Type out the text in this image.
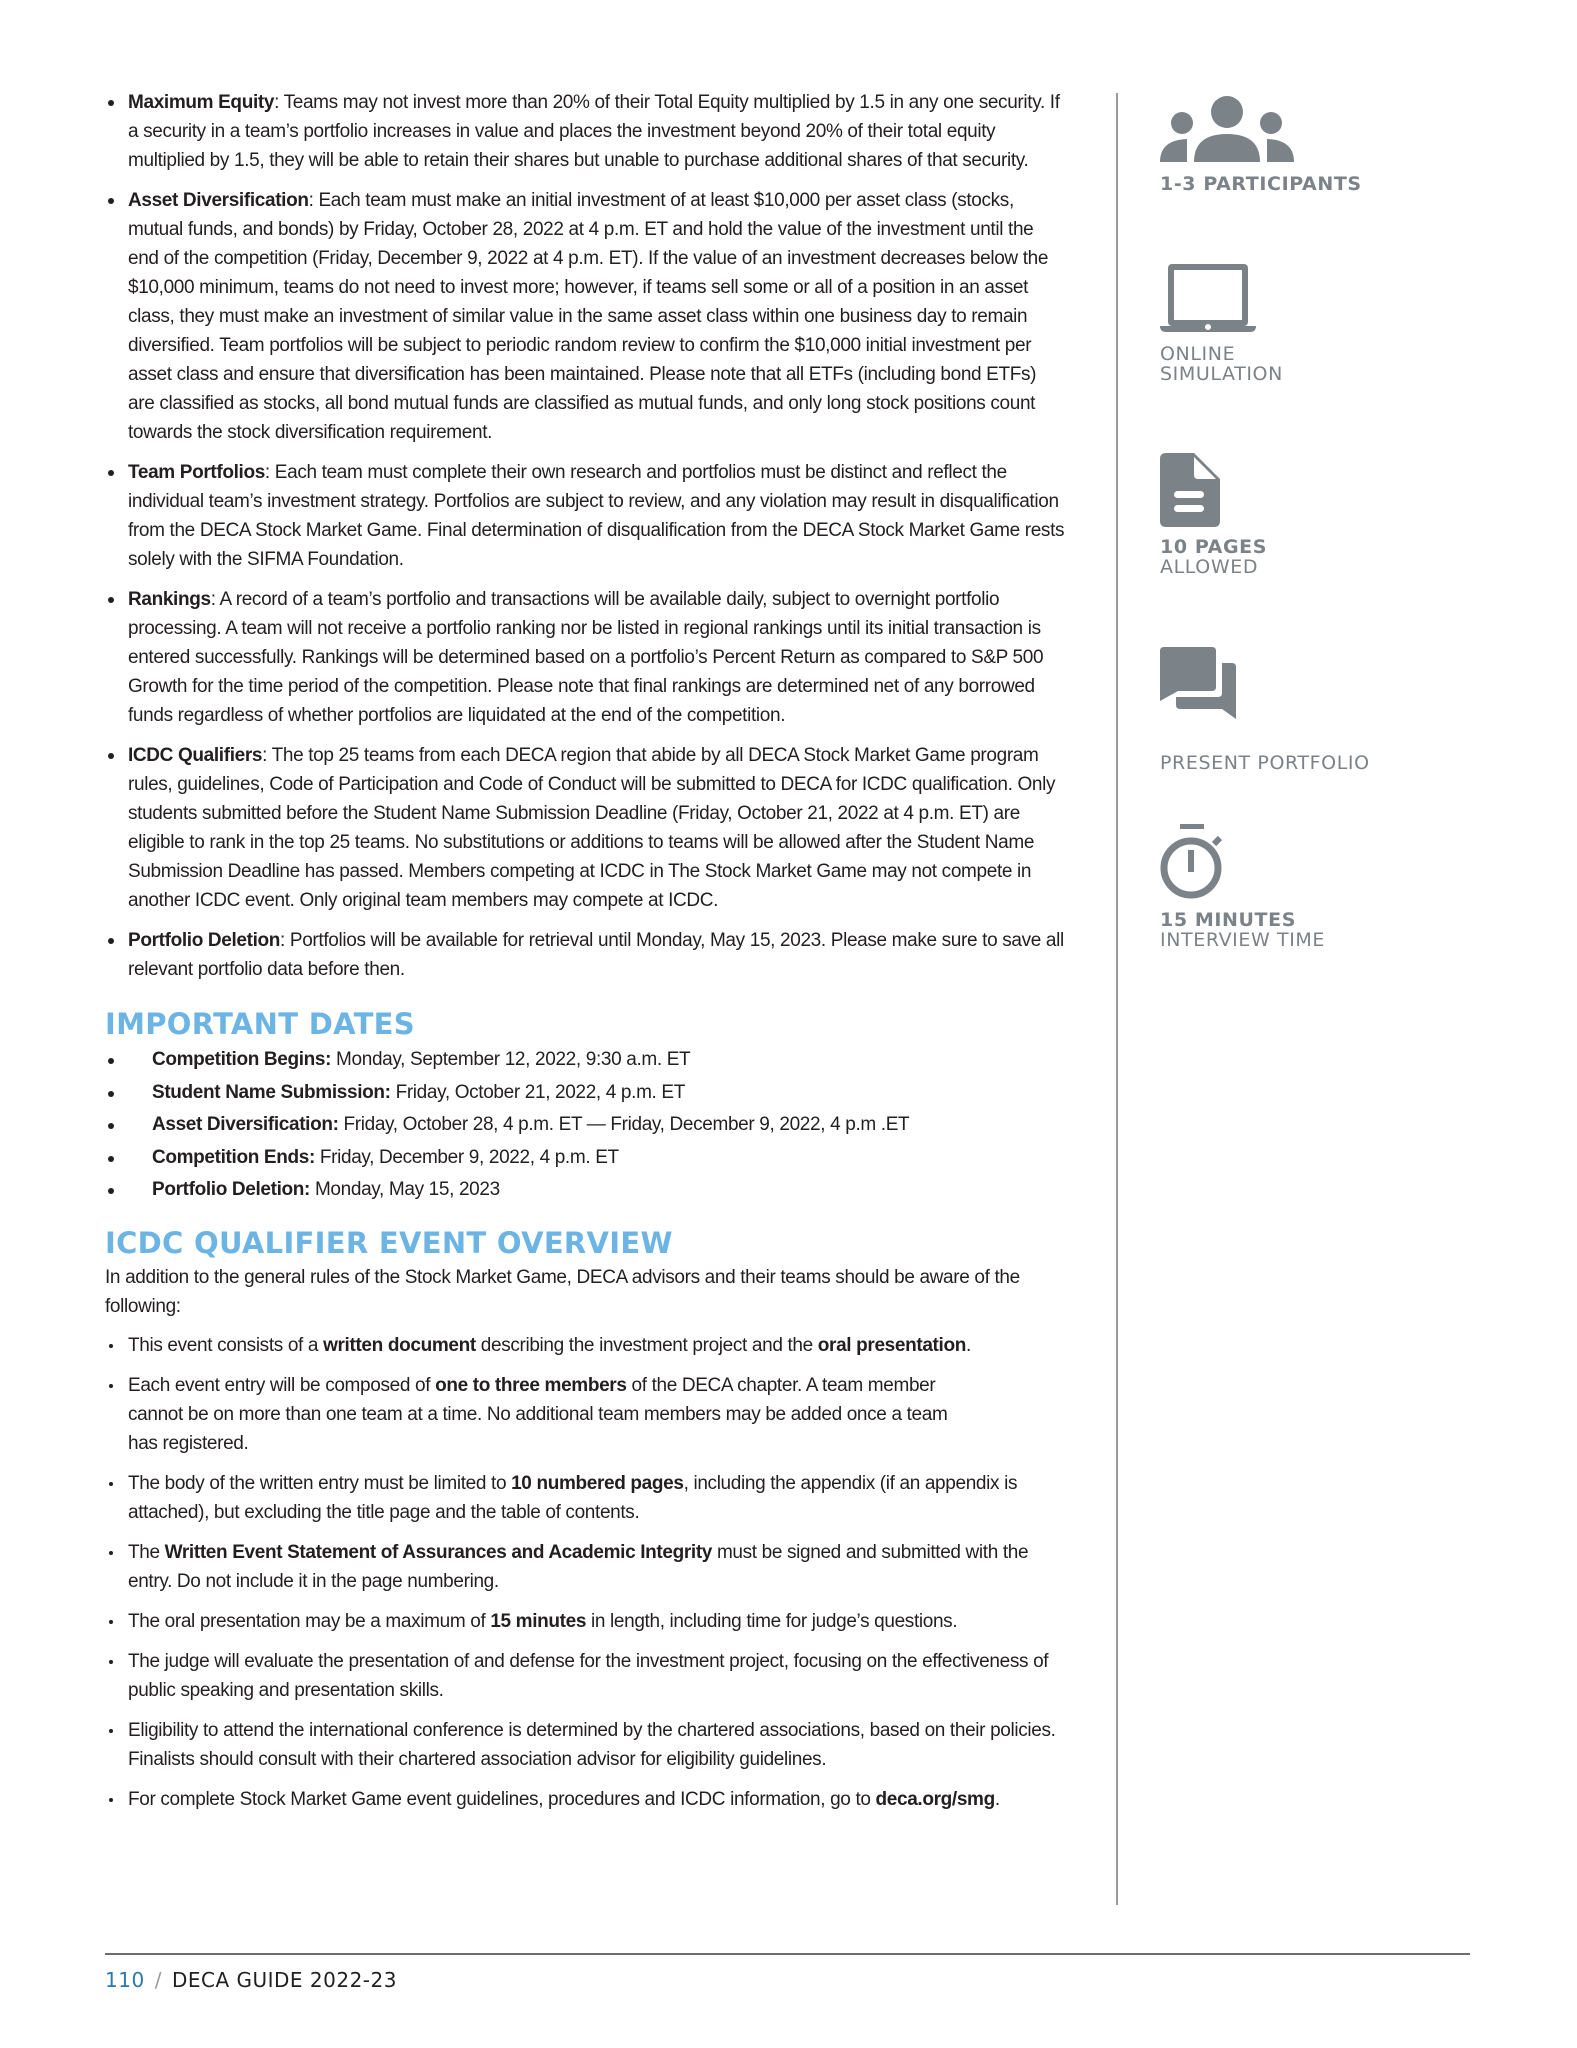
Maximum Equity: Teams may not invest more than 20% of their Total Equity multiplied by 1.5 in any one security. If a security in a team’s portfolio increases in value and places the investment beyond 20% of their total equity multiplied by 1.5, they will be able to retain their shares but unable to purchase additional shares of that security.
Asset Diversification: Each team must make an initial investment of at least $10,000 per asset class (stocks, mutual funds, and bonds) by Friday, October 28, 2022 at 4 p.m. ET and hold the value of the investment until the end of the competition (Friday, December 9, 2022 at 4 p.m. ET). If the value of an investment decreases below the $10,000 minimum, teams do not need to invest more; however, if teams sell some or all of a position in an asset class, they must make an investment of similar value in the same asset class within one business day to remain diversified. Team portfolios will be subject to periodic random review to confirm the $10,000 initial investment per asset class and ensure that diversification has been maintained. Please note that all ETFs (including bond ETFs) are classified as stocks, all bond mutual funds are classified as mutual funds, and only long stock positions count towards the stock diversification requirement.
Team Portfolios: Each team must complete their own research and portfolios must be distinct and reflect the individual team’s investment strategy. Portfolios are subject to review, and any violation may result in disqualification from the DECA Stock Market Game. Final determination of disqualification from the DECA Stock Market Game rests solely with the SIFMA Foundation.
Rankings: A record of a team’s portfolio and transactions will be available daily, subject to overnight portfolio processing. A team will not receive a portfolio ranking nor be listed in regional rankings until its initial transaction is entered successfully. Rankings will be determined based on a portfolio’s Percent Return as compared to S&P 500 Growth for the time period of the competition. Please note that final rankings are determined net of any borrowed funds regardless of whether portfolios are liquidated at the end of the competition.
ICDC Qualifiers: The top 25 teams from each DECA region that abide by all DECA Stock Market Game program rules, guidelines, Code of Participation and Code of Conduct will be submitted to DECA for ICDC qualification. Only students submitted before the Student Name Submission Deadline (Friday, October 21, 2022 at 4 p.m. ET) are eligible to rank in the top 25 teams. No substitutions or additions to teams will be allowed after the Student Name Submission Deadline has passed. Members competing at ICDC in The Stock Market Game may not compete in another ICDC event. Only original team members may compete at ICDC.
Portfolio Deletion: Portfolios will be available for retrieval until Monday, May 15, 2023. Please make sure to save all relevant portfolio data before then.
IMPORTANT DATES
Competition Begins: Monday, September 12, 2022, 9:30 a.m. ET
Student Name Submission: Friday, October 21, 2022, 4 p.m. ET
Asset Diversification: Friday, October 28, 4 p.m. ET — Friday, December 9, 2022, 4 p.m .ET
Competition Ends: Friday, December 9, 2022, 4 p.m. ET
Portfolio Deletion: Monday, May 15, 2023
ICDC QUALIFIER EVENT OVERVIEW

In addition to the general rules of the Stock Market Game, DECA advisors and their teams should be aware of the following:

This event consists of a written document describing the investment project and the oral presentation.
Each event entry will be composed of one to three members of the DECA chapter. A team member cannot be on more than one team at a time. No additional team members may be added once a team has registered.
The body of the written entry must be limited to 10 numbered pages, including the appendix (if an appendix is attached), but excluding the title page and the table of contents.
The Written Event Statement of Assurances and Academic Integrity must be signed and submitted with the entry. Do not include it in the page numbering.
The oral presentation may be a maximum of 15 minutes in length, including time for judge’s questions.
The judge will evaluate the presentation of and defense for the investment project, focusing on the effectiveness of public speaking and presentation skills.
Eligibility to attend the international conference is determined by the chartered associations, based on their policies. Finalists should consult with their chartered association advisor for eligibility guidelines.
For complete Stock Market Game event guidelines, procedures and ICDC information, go to deca.org/smg.
1-3 PARTICIPANTS
ONLINE
SIMULATION
10 PAGES
ALLOWED
PRESENT PORTFOLIO
15 MINUTES
INTERVIEW TIME
110 / DECA GUIDE 2022-23
